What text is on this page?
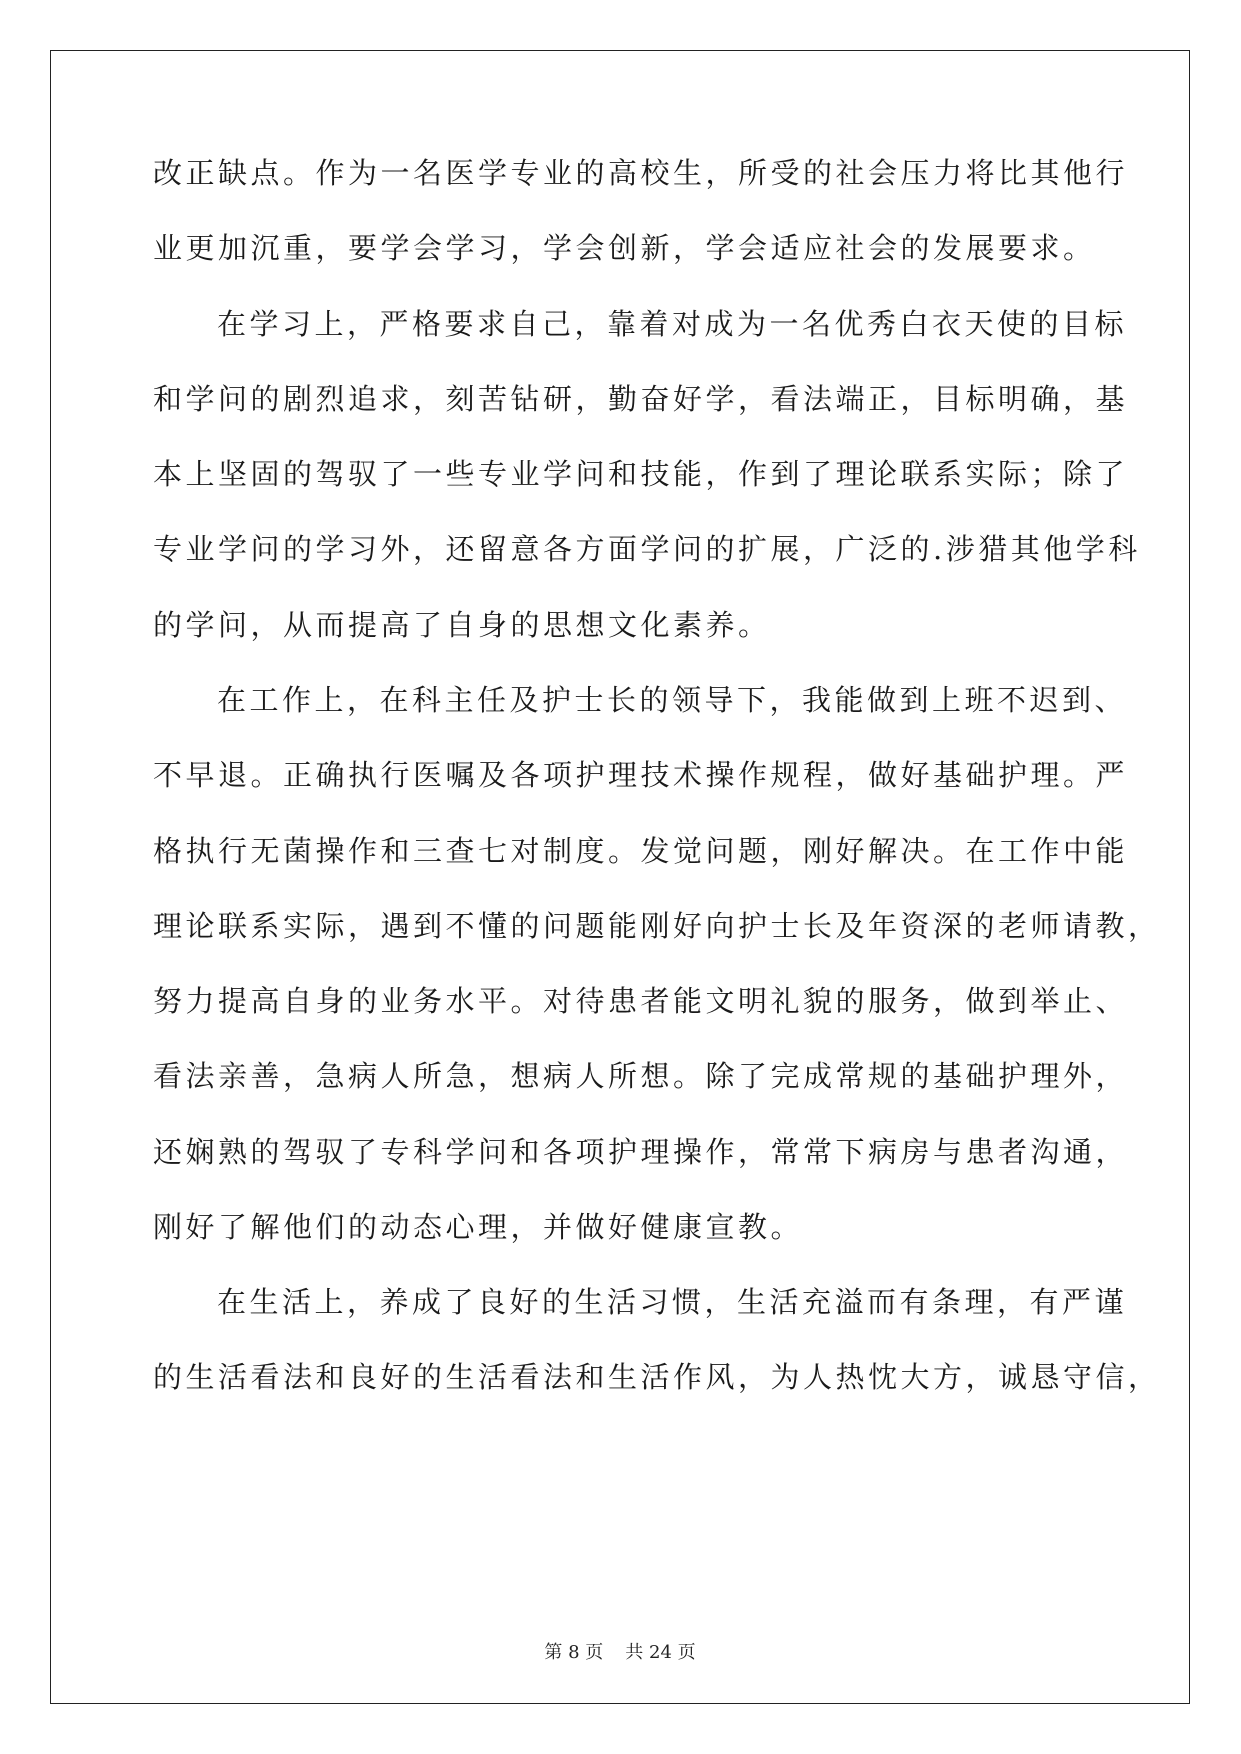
改正缺点。作为一名医学专业的高校生，所受的社会压力将比其他行
业更加沉重，要学会学习，学会创新，学会适应社会的发展要求。
在学习上，严格要求自己，靠着对成为一名优秀白衣天使的目标
和学问的剧烈追求，刻苦钻研，勤奋好学，看法端正，目标明确，基
本上坚固的驾驭了一些专业学问和技能，作到了理论联系实际；除了
专业学问的学习外，还留意各方面学问的扩展，广泛的.涉猎其他学科
的学问，从而提高了自身的思想文化素养。
在工作上，在科主任及护士长的领导下，我能做到上班不迟到、
不早退。正确执行医嘱及各项护理技术操作规程，做好基础护理。严
格执行无菌操作和三查七对制度。发觉问题，刚好解决。在工作中能
理论联系实际，遇到不懂的问题能刚好向护士长及年资深的老师请教，
努力提高自身的业务水平。对待患者能文明礼貌的服务，做到举止、
看法亲善，急病人所急，想病人所想。除了完成常规的基础护理外，
还娴熟的驾驭了专科学问和各项护理操作，常常下病房与患者沟通，
刚好了解他们的动态心理，并做好健康宣教。
在生活上，养成了良好的生活习惯，生活充溢而有条理，有严谨
的生活看法和良好的生活看法和生活作风，为人热忱大方，诚恳守信，
第 8 页 共 24 页
